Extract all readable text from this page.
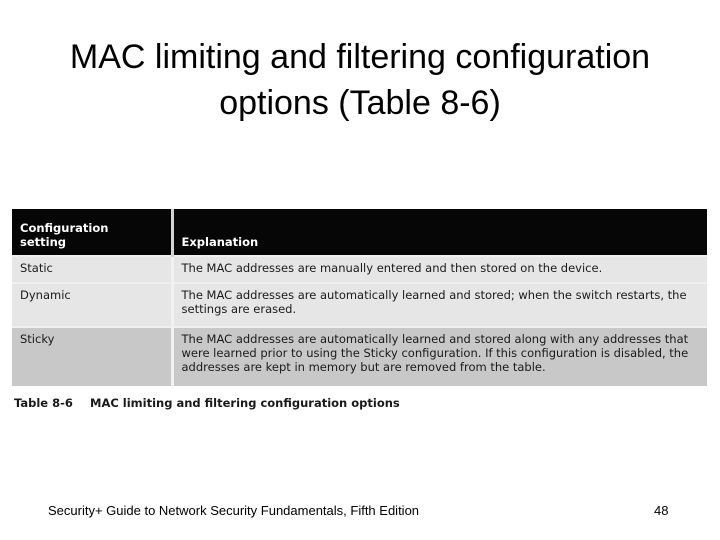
MAC limiting and filtering configuration
options (Table 8-6)
Configuration
setting	Explanation
Static	The MAC addresses are manually entered and then stored on the device.
Dynamic	The MAC addresses are automatically learned and stored; when the switch restarts, the settings are erased.
Sticky	The MAC addresses are automatically learned and stored along with any addresses that were learned prior to using the Sticky configuration. If this configuration is disabled, the addresses are kept in memory but are removed from the table.
Table 8-6	MAC limiting and filtering configuration options
Security+ Guide to Network Security Fundamentals, Fifth Edition	48
